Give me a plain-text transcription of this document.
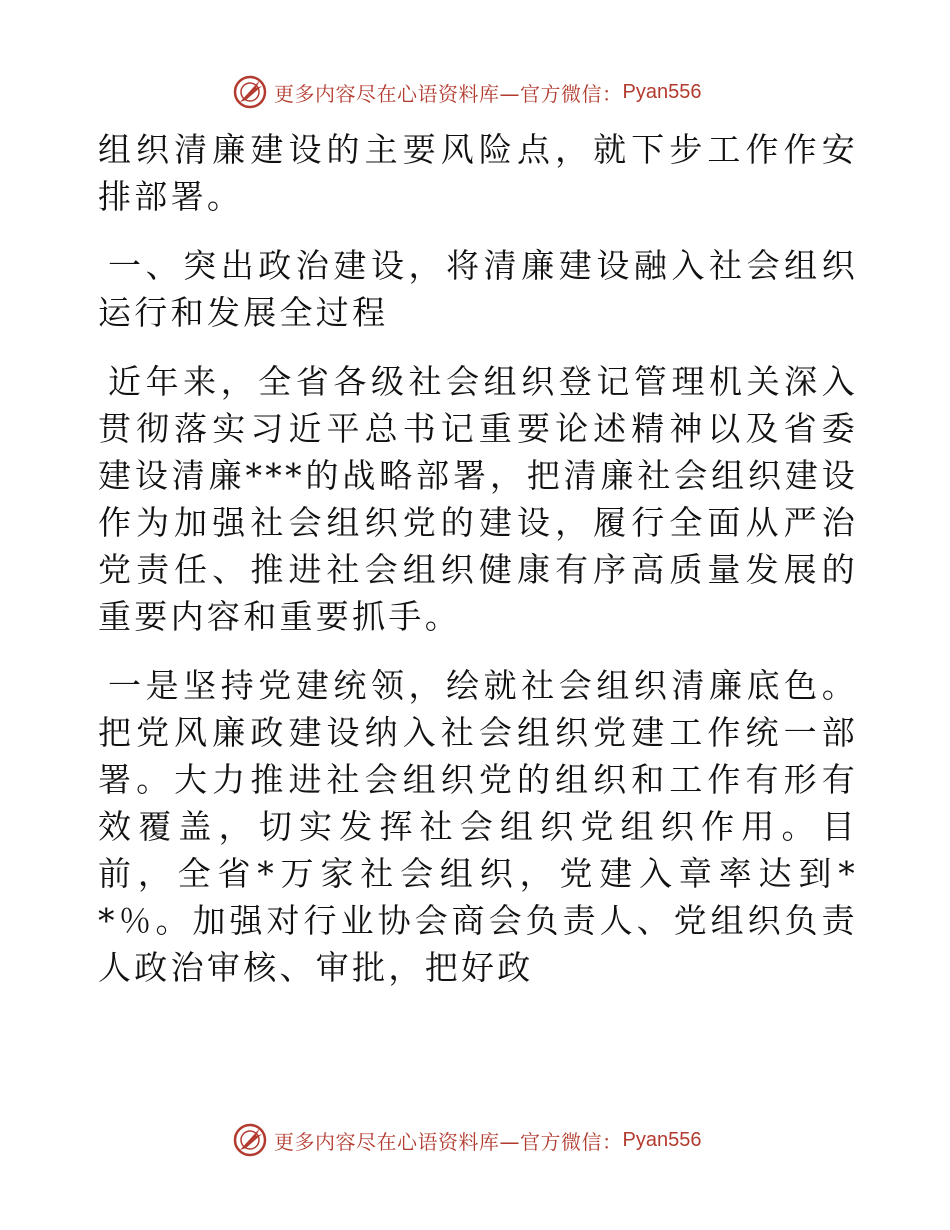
更多内容尽在心语资料库—官方微信： Pyan556

组织清廉建设的主要风险点，就下步工作作安排部署。

一、突出政治建设，将清廉建设融入社会组织运行和发展全过程

近年来，全省各级社会组织登记管理机关深入贯彻落实习近平总书记重要论述精神以及省委建设清廉***的战略部署，把清廉社会组织建设作为加强社会组织党的建设，履行全面从严治党责任、推进社会组织健康有序高质量发展的重要内容和重要抓手。

一是坚持党建统领，绘就社会组织清廉底色。把党风廉政建设纳入社会组织党建工作统一部署。大力推进社会组织党的组织和工作有形有效覆盖，切实发挥社会组织党组织作用。目前，全省*万家社会组织，党建入章率达到**％。加强对行业协会商会负责人、党组织负责人政治审核、审批，把好政

更多内容尽在心语资料库—官方微信： Pyan556
